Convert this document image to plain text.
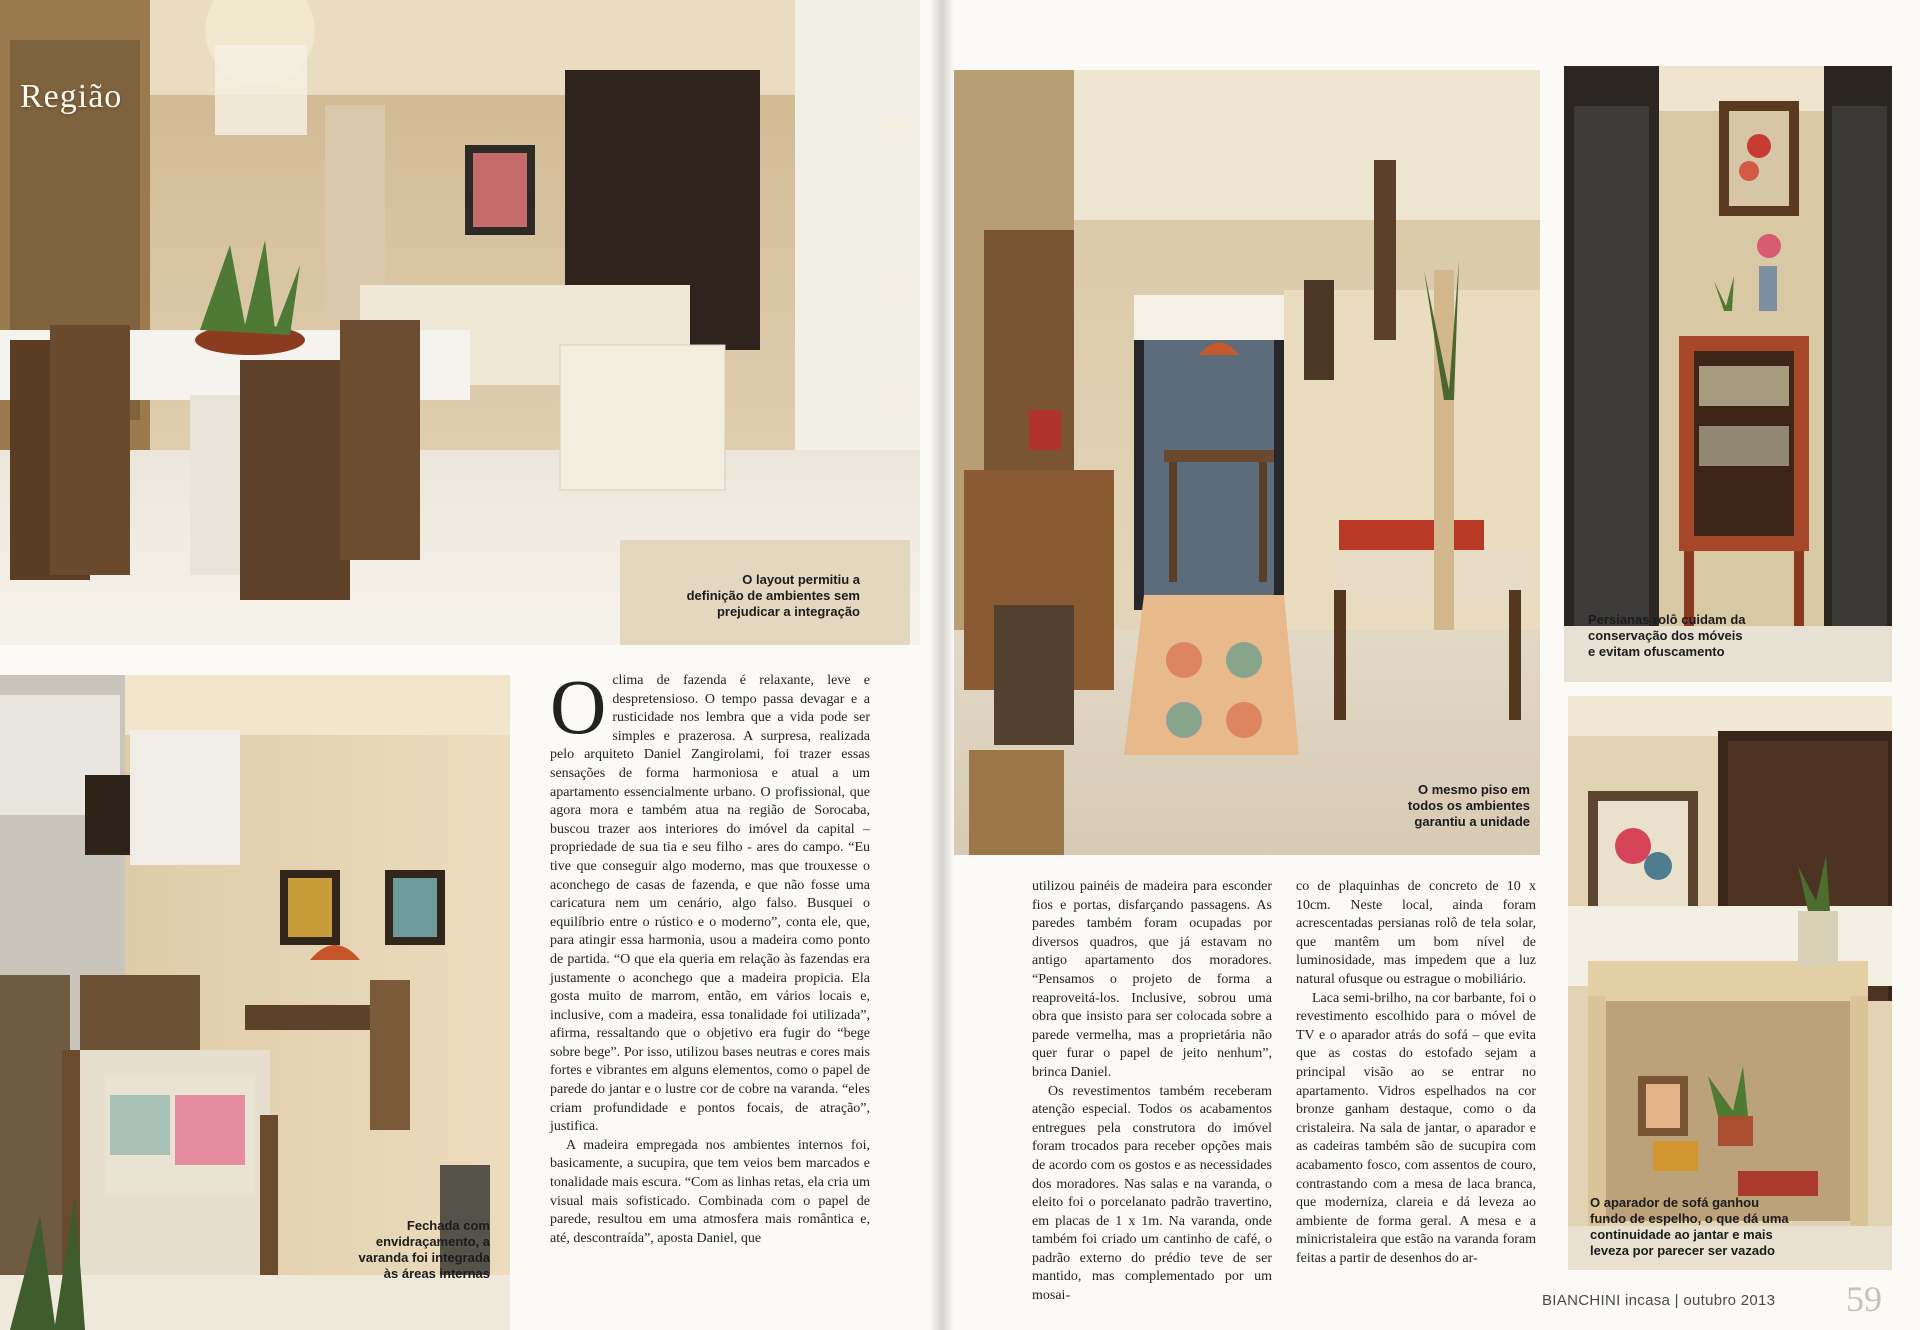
Região
O layout permitiu a
definição de ambientes sem
prejudicar a integração
Fechada com
envidraçamento, a
varanda foi integrada
às áreas internas

Oclima de fazenda é relaxante, leve e despretensioso. O tempo passa devagar e a rusticidade nos lembra que a vida pode ser simples e prazerosa. A surpresa, realizada pelo arquiteto Daniel Zangirolami, foi trazer essas sensações de forma harmoniosa e atual a um apartamento essencialmente urbano. O profissional, que agora mora e também atua na região de Sorocaba, buscou trazer aos interiores do imóvel da capital – propriedade de sua tia e seu filho - ares do campo. “Eu tive que conseguir algo moderno, mas que trouxesse o aconchego de casas de fazenda, e que não fosse uma caricatura nem um cenário, algo falso. Busquei o equilíbrio entre o rústico e o moderno”, conta ele, que, para atingir essa harmonia, usou a madeira como ponto de partida. “O que ela queria em relação às fazendas era justamente o aconchego que a madeira propicia. Ela gosta muito de marrom, então, em vários locais e, inclusive, com a madeira, essa tonalidade foi utilizada”, afirma, ressaltando que o objetivo era fugir do “bege sobre bege”. Por isso, utilizou bases neutras e cores mais fortes e vibrantes em alguns elementos, como o papel de parede do jantar e o lustre cor de cobre na varanda. “eles criam profundidade e pontos focais, de atração”, justifica.

A madeira empregada nos ambientes internos foi, basicamente, a sucupira, que tem veios bem marcados e tonalidade mais escura. “Com as linhas retas, ela cria um visual mais sofisticado. Combinada com o papel de parede, resultou em uma atmosfera mais romântica e, até, descontraída”, aposta Daniel, que

O mesmo piso em
todos os ambientes
garantiu a unidade
Persianas rolô cuidam da
conservação dos móveis
e evitam ofuscamento
O aparador de sofá ganhou
fundo de espelho, o que dá uma
continuidade ao jantar e mais
leveza por parecer ser vazado

utilizou painéis de madeira para esconder fios e portas, disfarçando passagens. As paredes também foram ocupadas por diversos quadros, que já estavam no antigo apartamento dos moradores. “Pensamos o projeto de forma a reaproveitá-los. Inclusive, sobrou uma obra que insisto para ser colocada sobre a parede vermelha, mas a proprietária não quer furar o papel de jeito nenhum”, brinca Daniel.

Os revestimentos também receberam atenção especial. Todos os acabamentos entregues pela construtora do imóvel foram trocados para receber opções mais de acordo com os gostos e as necessidades dos moradores. Nas salas e na varanda, o eleito foi o porcelanato padrão travertino, em placas de 1 x 1m. Na varanda, onde também foi criado um cantinho de café, o padrão externo do prédio teve de ser mantido, mas complementado por um mosai-

co de plaquinhas de concreto de 10 x 10cm. Neste local, ainda foram acrescentadas persianas rolô de tela solar, que mantêm um bom nível de luminosidade, mas impedem que a luz natural ofusque ou estrague o mobiliário.

Laca semi-brilho, na cor barbante, foi o revestimento escolhido para o móvel de TV e o aparador atrás do sofá – que evita que as costas do estofado sejam a principal visão ao se entrar no apartamento. Vidros espelhados na cor bronze ganham destaque, como o da cristaleira. Na sala de jantar, o aparador e as cadeiras também são de sucupira com acabamento fosco, com assentos de couro, contrastando com a mesa de laca branca, que moderniza, clareia e dá leveza ao ambiente de forma geral. A mesa e a minicristaleira que estão na varanda foram feitas a partir de desenhos do ar-

BIANCHINI incasa | outubro 2013 59
